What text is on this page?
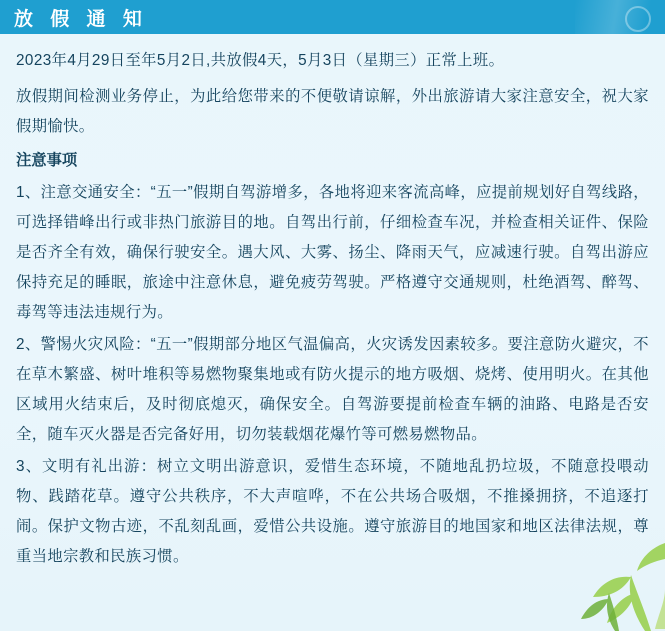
放 假 通 知

2023年4月29日至年5月2日,共放假4天，5月3日（星期三）正常上班。

放假期间检测业务停止，为此给您带来的不便敬请谅解，外出旅游请大家注意安全，祝大家假期愉快。

注意事项

1、注意交通安全：“五一”假期自驾游增多，各地将迎来客流高峰，应提前规划好自驾线路，可选择错峰出行或非热门旅游目的地。自驾出行前，仔细检查车况，并检查相关证件、保险是否齐全有效，确保行驶安全。遇大风、大雾、扬尘、降雨天气，应减速行驶。自驾出游应保持充足的睡眠，旅途中注意休息，避免疲劳驾驶。严格遵守交通规则，杜绝酒驾、醉驾、毒驾等违法违规行为。

2、警惕火灾风险：“五一”假期部分地区气温偏高，火灾诱发因素较多。要注意防火避灾，不在草木繁盛、树叶堆积等易燃物聚集地或有防火提示的地方吸烟、烧烤、使用明火。在其他区域用火结束后，及时彻底熄灭，确保安全。自驾游要提前检查车辆的油路、电路是否安全，随车灭火器是否完备好用，切勿装载烟花爆竹等可燃易燃物品。

3、文明有礼出游：树立文明出游意识，爱惜生态环境，不随地乱扔垃圾，不随意投喂动物、践踏花草。遵守公共秩序，不大声喧哗，不在公共场合吸烟，不推搡拥挤，不追逐打闹。保护文物古迹，不乱刻乱画，爱惜公共设施。遵守旅游目的地国家和地区法律法规，尊重当地宗教和民族习惯。
